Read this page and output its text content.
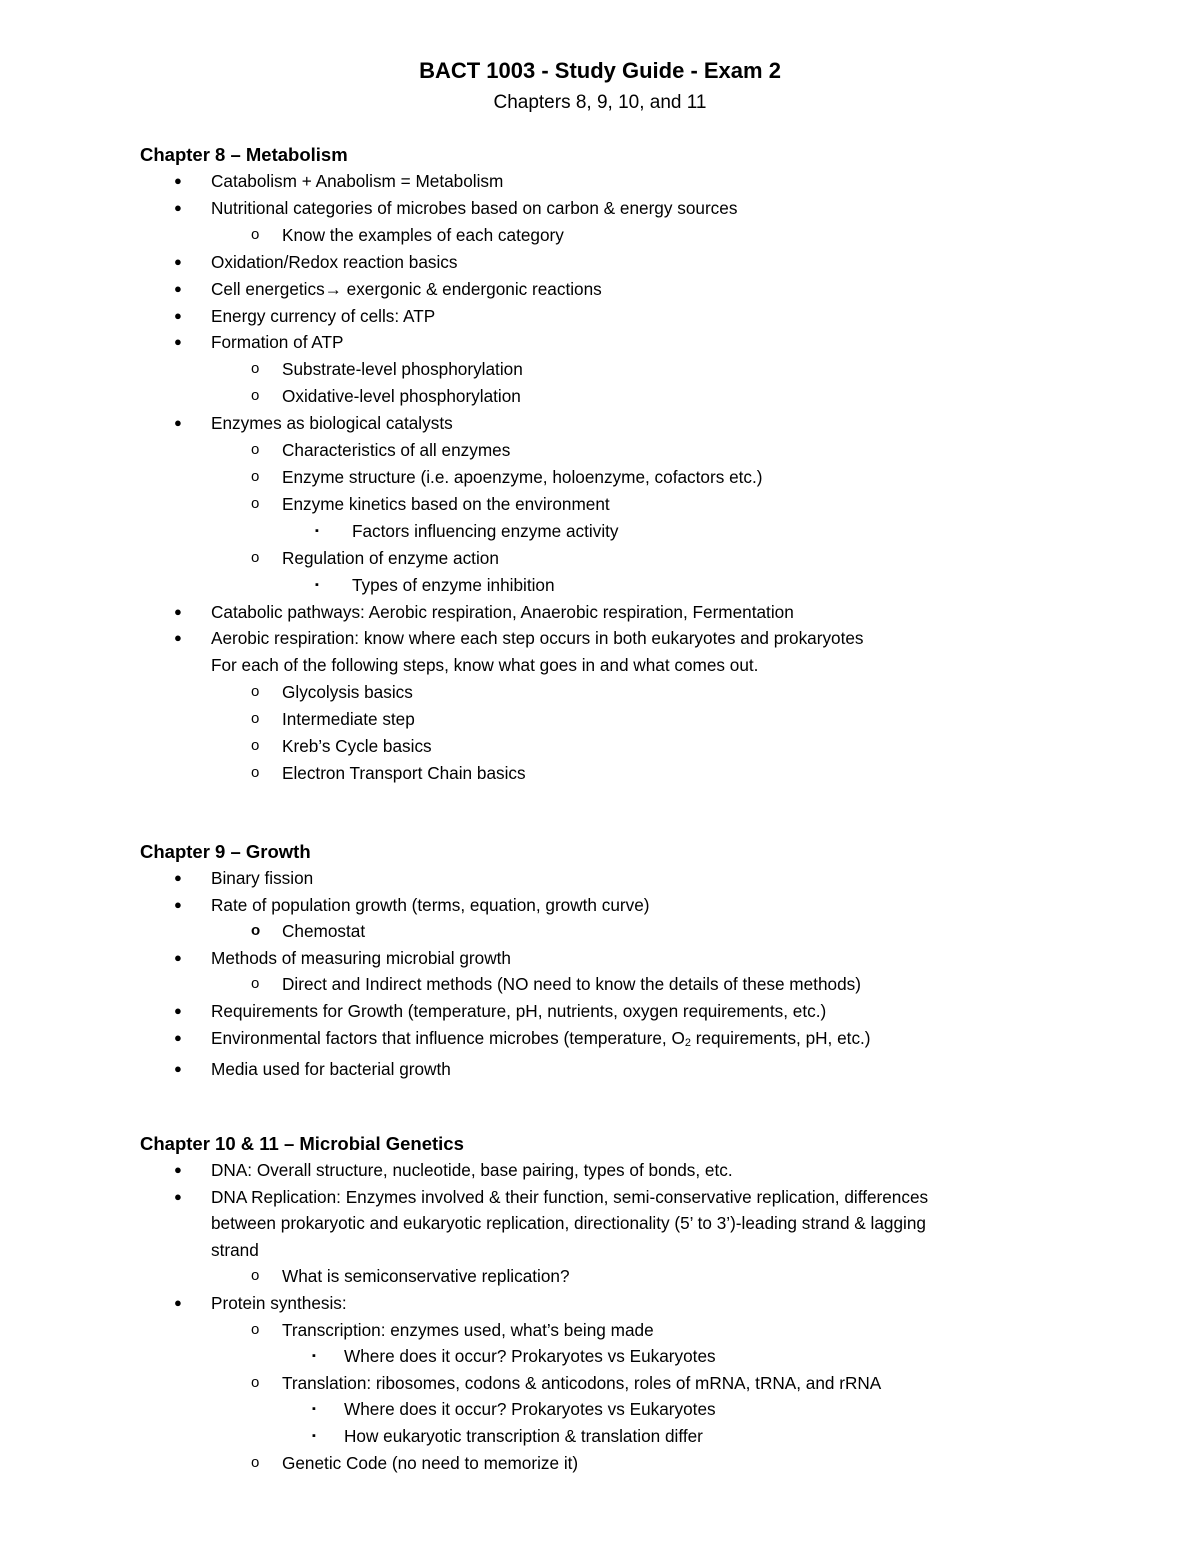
BACT 1003 - Study Guide - Exam 2
Chapters 8, 9, 10, and 11
Chapter 8 – Metabolism
● Catabolism + Anabolism = Metabolism
● Nutritional categories of microbes based on carbon & energy sources
o Know the examples of each category
● Oxidation/Redox reaction basics
● Cell energetics→ exergonic & endergonic reactions
● Energy currency of cells: ATP
● Formation of ATP
o Substrate-level phosphorylation
o Oxidative-level phosphorylation
● Enzymes as biological catalysts
o Characteristics of all enzymes
o Enzyme structure (i.e. apoenzyme, holoenzyme, cofactors etc.)
o Enzyme kinetics based on the environment
▪ Factors influencing enzyme activity
o Regulation of enzyme action
▪ Types of enzyme inhibition
● Catabolic pathways: Aerobic respiration, Anaerobic respiration, Fermentation
● Aerobic respiration: know where each step occurs in both eukaryotes and prokaryotes
For each of the following steps, know what goes in and what comes out.
o Glycolysis basics
o Intermediate step
o Kreb’s Cycle basics
o Electron Transport Chain basics
Chapter 9 – Growth
● Binary fission
● Rate of population growth (terms, equation, growth curve)
o Chemostat
● Methods of measuring microbial growth
o Direct and Indirect methods (NO need to know the details of these methods)
● Requirements for Growth (temperature, pH, nutrients, oxygen requirements, etc.)
● Environmental factors that influence microbes (temperature, O2 requirements, pH, etc.)
● Media used for bacterial growth
Chapter 10 & 11 – Microbial Genetics
● DNA: Overall structure, nucleotide, base pairing, types of bonds, etc.
● DNA Replication: Enzymes involved & their function, semi-conservative replication, differences
between prokaryotic and eukaryotic replication, directionality (5’ to 3’)-leading strand & lagging
strand
o What is semiconservative replication?
● Protein synthesis:
o Transcription: enzymes used, what’s being made
▪ Where does it occur? Prokaryotes vs Eukaryotes
o Translation: ribosomes, codons & anticodons, roles of mRNA, tRNA, and rRNA
▪ Where does it occur? Prokaryotes vs Eukaryotes
▪ How eukaryotic transcription & translation differ
o Genetic Code (no need to memorize it)
